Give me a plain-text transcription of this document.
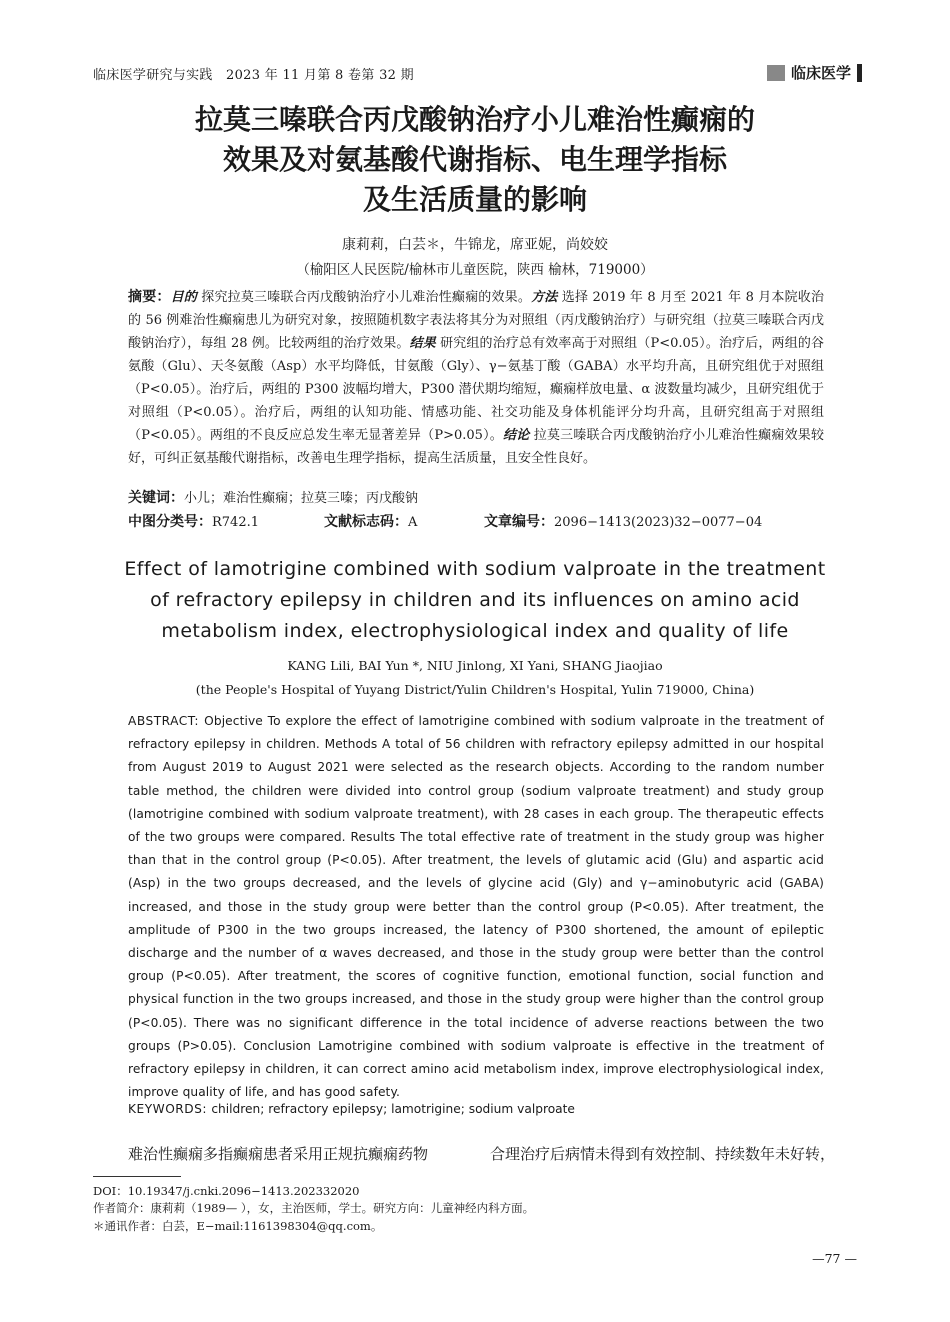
临床医学研究与实践　2023 年 11 月第 8 卷第 32 期	临床医学
拉莫三嗪联合丙戊酸钠治疗小儿难治性癫痫的
效果及对氨基酸代谢指标、电生理学指标
及生活质量的影响
康莉莉，白芸＊，牛锦龙，席亚妮，尚姣姣
（榆阳区人民医院/榆林市儿童医院，陕西 榆林，719000）
摘要：目的 探究拉莫三嗪联合丙戊酸钠治疗小儿难治性癫痫的效果。方法 选择 2019 年 8 月至 2021 年 8 月本院收治的 56 例难治性癫痫患儿为研究对象，按照随机数字表法将其分为对照组（丙戊酸钠治疗）与研究组（拉莫三嗪联合丙戊酸钠治疗），每组 28 例。比较两组的治疗效果。结果 研究组的治疗总有效率高于对照组（P<0.05）。治疗后，两组的谷氨酸（Glu）、天冬氨酸（Asp）水平均降低，甘氨酸（Gly）、γ−氨基丁酸（GABA）水平均升高，且研究组优于对照组（P<0.05）。治疗后，两组的 P300 波幅均增大，P300 潜伏期均缩短，癫痫样放电量、α 波数量均减少，且研究组优于对照组（P<0.05）。治疗后，两组的认知功能、情感功能、社交功能及身体机能评分均升高，且研究组高于对照组（P<0.05）。两组的不良反应总发生率无显著差异（P>0.05）。结论 拉莫三嗪联合丙戊酸钠治疗小儿难治性癫痫效果较好，可纠正氨基酸代谢指标，改善电生理学指标，提高生活质量，且安全性良好。
关键词：小儿；难治性癫痫；拉莫三嗪；丙戊酸钠
中图分类号：R742.1	文献标志码：A	文章编号：2096−1413(2023)32−0077−04
Effect of lamotrigine combined with sodium valproate in the treatment
of refractory epilepsy in children and its influences on amino acid
metabolism index, electrophysiological index and quality of life
KANG Lili, BAI Yun *, NIU Jinlong, XI Yani, SHANG Jiaojiao
(the People's Hospital of Yuyang District/Yulin Children's Hospital, Yulin 719000, China)
ABSTRACT: Objective To explore the effect of lamotrigine combined with sodium valproate in the treatment of refractory epilepsy in children. Methods A total of 56 children with refractory epilepsy admitted in our hospital from August 2019 to August 2021 were selected as the research objects. According to the random number table method, the children were divided into control group (sodium valproate treatment) and study group (lamotrigine combined with sodium valproate treatment), with 28 cases in each group. The therapeutic effects of the two groups were compared. Results The total effective rate of treatment in the study group was higher than that in the control group (P<0.05). After treatment, the levels of glutamic acid (Glu) and aspartic acid (Asp) in the two groups decreased, and the levels of glycine acid (Gly) and γ−aminobutyric acid (GABA) increased, and those in the study group were better than the control group (P<0.05). After treatment, the amplitude of P300 in the two groups increased, the latency of P300 shortened, the amount of epileptic discharge and the number of α waves decreased, and those in the study group were better than the control group (P<0.05). After treatment, the scores of cognitive function, emotional function, social function and physical function in the two groups increased, and those in the study group were higher than the control group (P<0.05). There was no significant difference in the total incidence of adverse reactions between the two groups (P>0.05). Conclusion Lamotrigine combined with sodium valproate is effective in the treatment of refractory epilepsy in children, it can correct amino acid metabolism index, improve electrophysiological index, improve quality of life, and has good safety.
KEYWORDS: children; refractory epilepsy; lamotrigine; sodium valproate
难治性癫痫多指癫痫患者采用正规抗癫痫药物	合理治疗后病情未得到有效控制、持续数年未好转，
DOI：10.19347/j.cnki.2096−1413.202332020
作者简介：康莉莉（1989— ），女，主治医师，学士。研究方向：儿童神经内科方面。
＊通讯作者：白芸，E−mail:1161398304@qq.com。
—77 —
